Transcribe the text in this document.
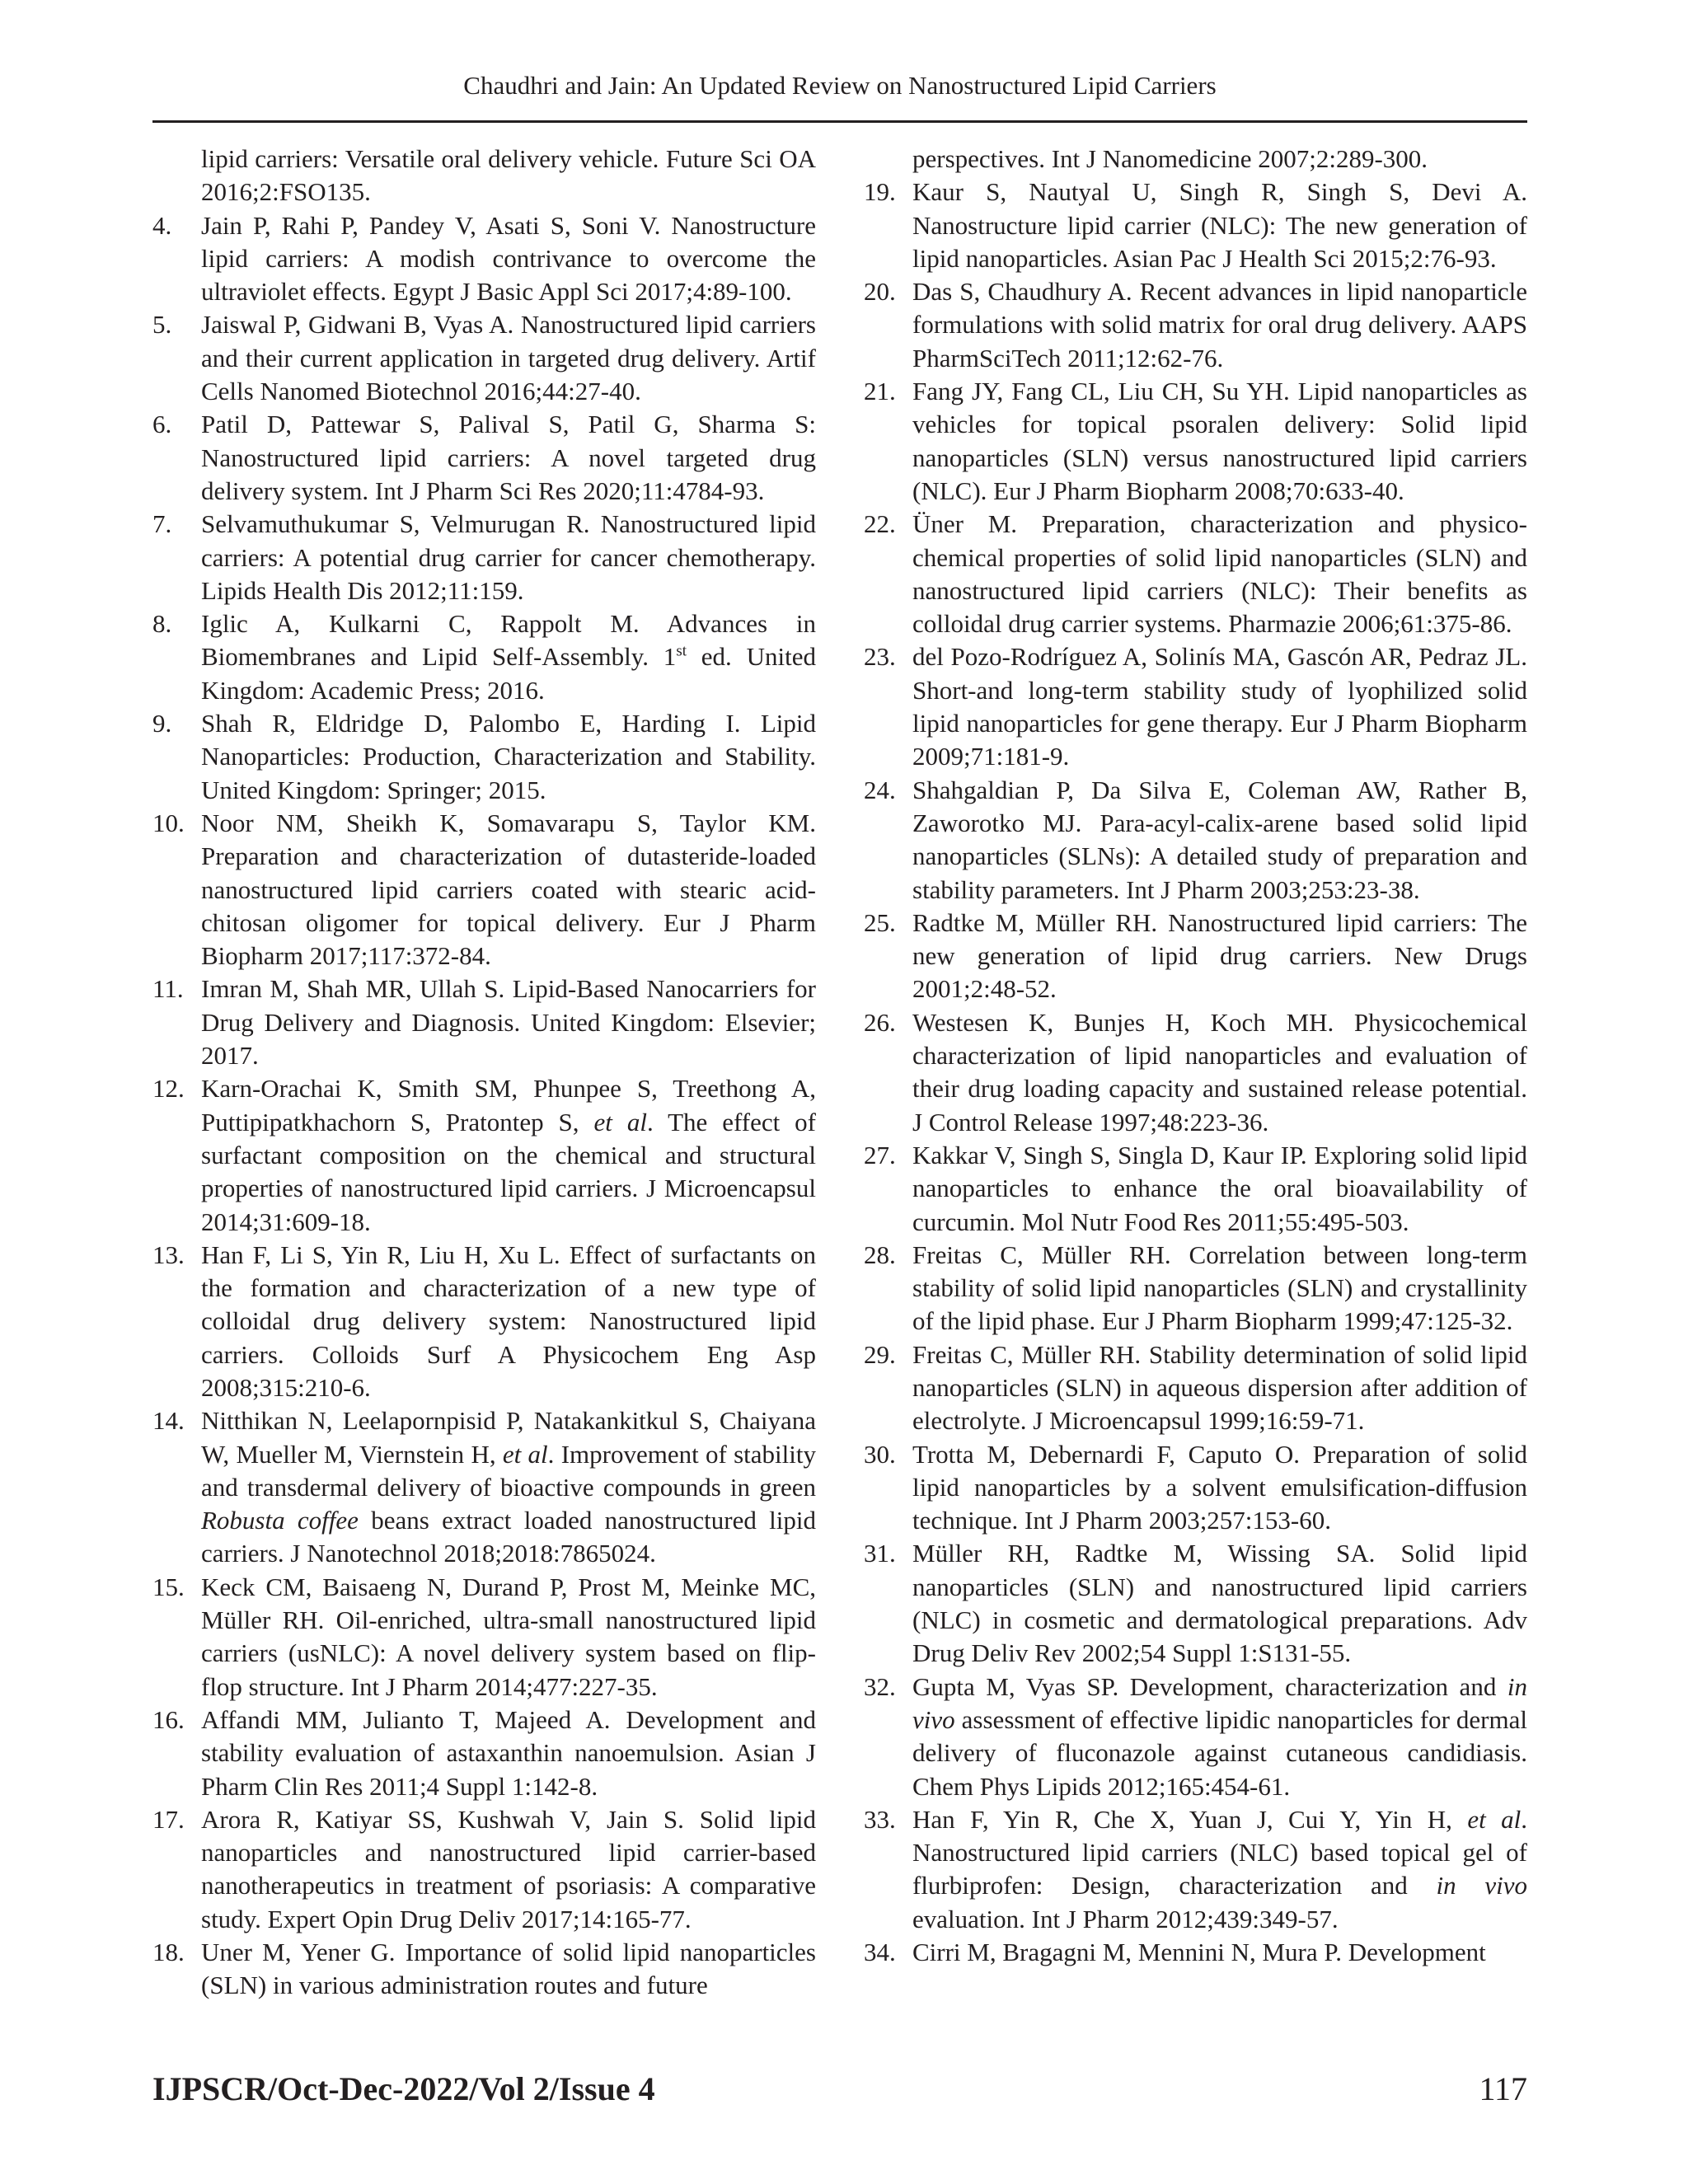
Chaudhri and Jain: An Updated Review on Nanostructured Lipid Carriers
lipid carriers: Versatile oral delivery vehicle. Future Sci OA 2016;2:FSO135.
4.	Jain P, Rahi P, Pandey V, Asati S, Soni V. Nanostructure lipid carriers: A modish contrivance to overcome the ultraviolet effects. Egypt J Basic Appl Sci 2017;4:89-100.
5.	Jaiswal P, Gidwani B, Vyas A. Nanostructured lipid carriers and their current application in targeted drug delivery. Artif Cells Nanomed Biotechnol 2016;44:27-40.
6.	Patil D, Pattewar S, Palival S, Patil G, Sharma S: Nanostructured lipid carriers: A novel targeted drug delivery system. Int J Pharm Sci Res 2020;11:4784-93.
7.	Selvamuthukumar S, Velmurugan R. Nanostructured lipid carriers: A potential drug carrier for cancer chemotherapy. Lipids Health Dis 2012;11:159.
8.	Iglic A, Kulkarni C, Rappolt M. Advances in Biomembranes and Lipid Self-Assembly. 1st ed. United Kingdom: Academic Press; 2016.
9.	Shah R, Eldridge D, Palombo E, Harding I. Lipid Nanoparticles: Production, Characterization and Stability. United Kingdom: Springer; 2015.
10. Noor NM, Sheikh K, Somavarapu S, Taylor KM. Preparation and characterization of dutasteride-loaded nanostructured lipid carriers coated with stearic acid-chitosan oligomer for topical delivery. Eur J Pharm Biopharm 2017;117:372-84.
11. Imran M, Shah MR, Ullah S. Lipid-Based Nanocarriers for Drug Delivery and Diagnosis. United Kingdom: Elsevier; 2017.
12. Karn-Orachai K, Smith SM, Phunpee S, Treethong A, Puttipipatkhachorn S, Pratontep S, et al. The effect of surfactant composition on the chemical and structural properties of nanostructured lipid carriers. J Microencapsul 2014;31:609-18.
13. Han F, Li S, Yin R, Liu H, Xu L. Effect of surfactants on the formation and characterization of a new type of colloidal drug delivery system: Nanostructured lipid carriers. Colloids Surf A Physicochem Eng Asp 2008;315:210-6.
14. Nitthikan N, Leelapornpisid P, Natakankitkul S, Chaiyana W, Mueller M, Viernstein H, et al. Improvement of stability and transdermal delivery of bioactive compounds in green Robusta coffee beans extract loaded nanostructured lipid carriers. J Nanotechnol 2018;2018:7865024.
15. Keck CM, Baisaeng N, Durand P, Prost M, Meinke MC, Müller RH. Oil-enriched, ultra-small nanostructured lipid carriers (usNLC): A novel delivery system based on flip-flop structure. Int J Pharm 2014;477:227-35.
16. Affandi MM, Julianto T, Majeed A. Development and stability evaluation of astaxanthin nanoemulsion. Asian J Pharm Clin Res 2011;4 Suppl 1:142-8.
17. Arora R, Katiyar SS, Kushwah V, Jain S. Solid lipid nanoparticles and nanostructured lipid carrier-based nanotherapeutics in treatment of psoriasis: A comparative study. Expert Opin Drug Deliv 2017;14:165-77.
18. Uner M, Yener G. Importance of solid lipid nanoparticles (SLN) in various administration routes and future
perspectives. Int J Nanomedicine 2007;2:289-300.
19. Kaur S, Nautyal U, Singh R, Singh S, Devi A. Nanostructure lipid carrier (NLC): The new generation of lipid nanoparticles. Asian Pac J Health Sci 2015;2:76-93.
20. Das S, Chaudhury A. Recent advances in lipid nanoparticle formulations with solid matrix for oral drug delivery. AAPS PharmSciTech 2011;12:62-76.
21. Fang JY, Fang CL, Liu CH, Su YH. Lipid nanoparticles as vehicles for topical psoralen delivery: Solid lipid nanoparticles (SLN) versus nanostructured lipid carriers (NLC). Eur J Pharm Biopharm 2008;70:633-40.
22. Üner M. Preparation, characterization and physico-chemical properties of solid lipid nanoparticles (SLN) and nanostructured lipid carriers (NLC): Their benefits as colloidal drug carrier systems. Pharmazie 2006;61:375-86.
23. del Pozo-Rodríguez A, Solinís MA, Gascón AR, Pedraz JL. Short-and long-term stability study of lyophilized solid lipid nanoparticles for gene therapy. Eur J Pharm Biopharm 2009;71:181-9.
24. Shahgaldian P, Da Silva E, Coleman AW, Rather B, Zaworotko MJ. Para-acyl-calix-arene based solid lipid nanoparticles (SLNs): A detailed study of preparation and stability parameters. Int J Pharm 2003;253:23-38.
25. Radtke M, Müller RH. Nanostructured lipid carriers: The new generation of lipid drug carriers. New Drugs 2001;2:48-52.
26. Westesen K, Bunjes H, Koch MH. Physicochemical characterization of lipid nanoparticles and evaluation of their drug loading capacity and sustained release potential. J Control Release 1997;48:223-36.
27. Kakkar V, Singh S, Singla D, Kaur IP. Exploring solid lipid nanoparticles to enhance the oral bioavailability of curcumin. Mol Nutr Food Res 2011;55:495-503.
28. Freitas C, Müller RH. Correlation between long-term stability of solid lipid nanoparticles (SLN) and crystallinity of the lipid phase. Eur J Pharm Biopharm 1999;47:125-32.
29. Freitas C, Müller RH. Stability determination of solid lipid nanoparticles (SLN) in aqueous dispersion after addition of electrolyte. J Microencapsul 1999;16:59-71.
30. Trotta M, Debernardi F, Caputo O. Preparation of solid lipid nanoparticles by a solvent emulsification-diffusion technique. Int J Pharm 2003;257:153-60.
31. Müller RH, Radtke M, Wissing SA. Solid lipid nanoparticles (SLN) and nanostructured lipid carriers (NLC) in cosmetic and dermatological preparations. Adv Drug Deliv Rev 2002;54 Suppl 1:S131-55.
32. Gupta M, Vyas SP. Development, characterization and in vivo assessment of effective lipidic nanoparticles for dermal delivery of fluconazole against cutaneous candidiasis. Chem Phys Lipids 2012;165:454-61.
33. Han F, Yin R, Che X, Yuan J, Cui Y, Yin H, et al. Nanostructured lipid carriers (NLC) based topical gel of flurbiprofen: Design, characterization and in vivo evaluation. Int J Pharm 2012;439:349-57.
34. Cirri M, Bragagni M, Mennini N, Mura P. Development
IJPSCR/Oct-Dec-2022/Vol 2/Issue 4	117
